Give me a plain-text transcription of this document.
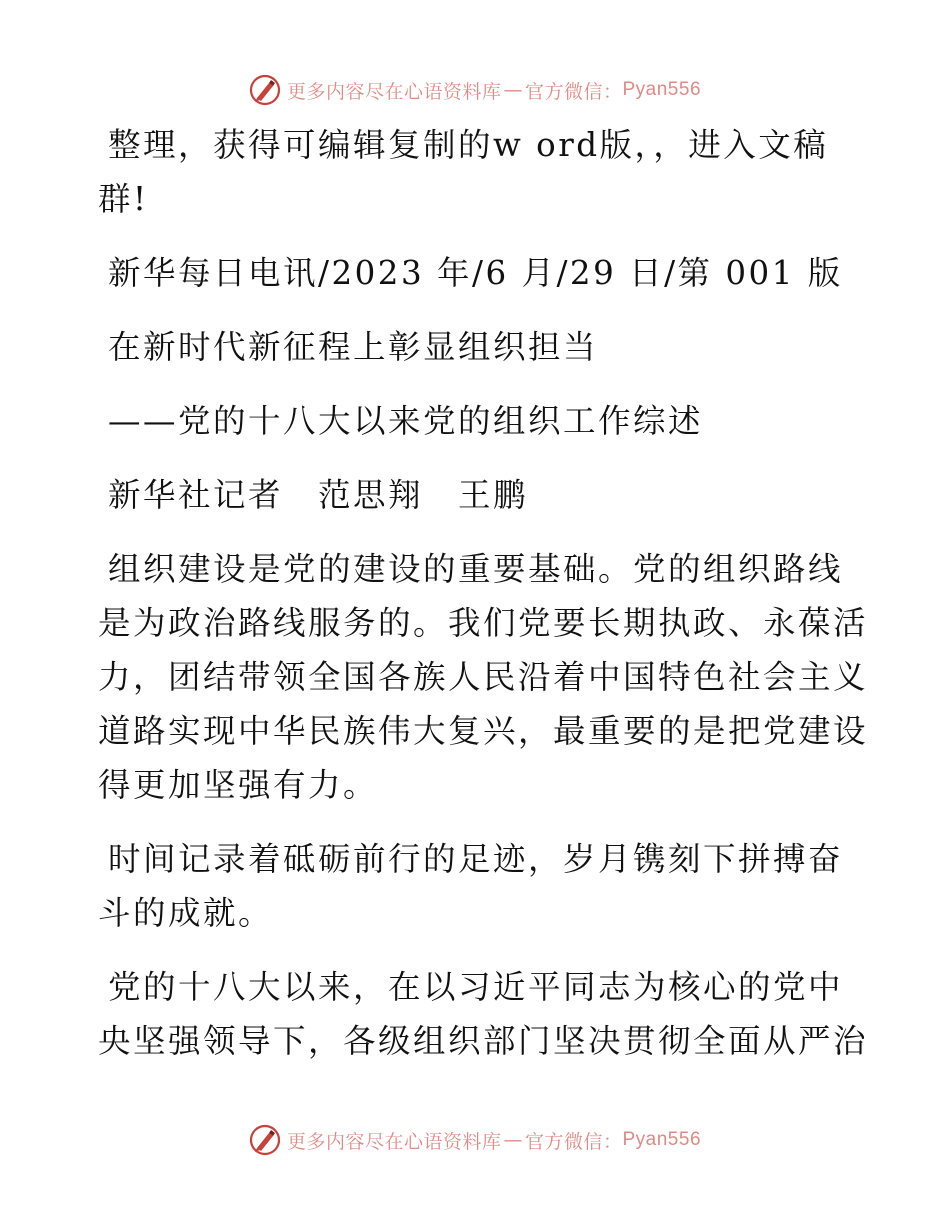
更多内容尽在心语资料库 — 官方微信： Pyan556
整理，获得可编辑复制的w ord版，，进入文稿
群!
新华每日电讯/2023 年/6 月/29 日/第 001 版
在新时代新征程上彰显组织担当
——党的十八大以来党的组织工作综述
新华社记者　范思翔　王鹏
组织建设是党的建设的重要基础。党的组织路线
是为政治路线服务的。我们党要长期执政、永葆活
力，团结带领全国各族人民沿着中国特色社会主义
道路实现中华民族伟大复兴，最重要的是把党建设
得更加坚强有力。
时间记录着砥砺前行的足迹，岁月镌刻下拼搏奋
斗的成就。
党的十八大以来，在以习近平同志为核心的党中
央坚强领导下，各级组织部门坚决贯彻全面从严治
更多内容尽在心语资料库 — 官方微信： Pyan556
